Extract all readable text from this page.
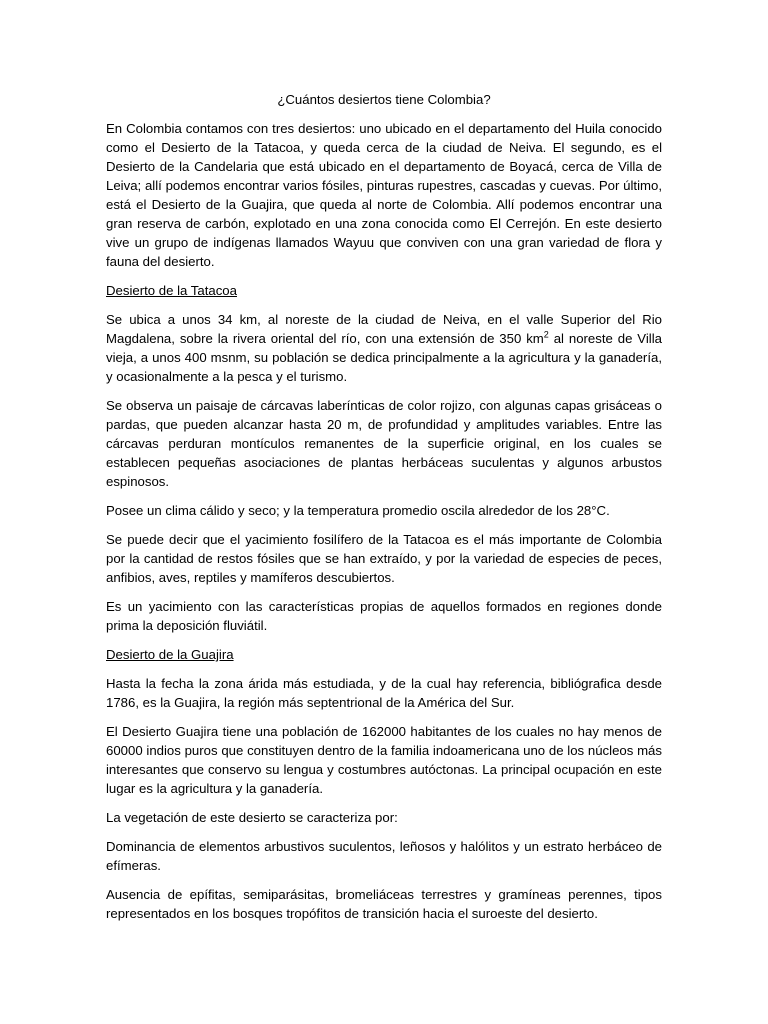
¿Cuántos desiertos tiene Colombia?

En Colombia contamos con tres desiertos: uno ubicado en el departamento del Huila conocido como el Desierto de la Tatacoa, y queda cerca de la ciudad de Neiva. El segundo, es el Desierto de la Candelaria que está ubicado en el departamento de Boyacá, cerca de Villa de Leiva; allí podemos encontrar varios fósiles, pinturas rupestres, cascadas y cuevas. Por último, está el Desierto de la Guajira, que queda al norte de Colombia. Allí podemos encontrar una gran reserva de carbón, explotado en una zona conocida como El Cerrejón. En este desierto vive un grupo de indígenas llamados Wayuu que conviven con una gran variedad de flora y fauna del desierto.

Desierto de la Tatacoa

Se ubica a unos 34 km, al noreste de la ciudad de Neiva, en el valle Superior del Rio Magdalena, sobre la rivera oriental del río, con una extensión de 350 $km^2$ al noreste de Villa vieja, a unos 400 msnm, su población se dedica principalmente a la agricultura y la ganadería, y ocasionalmente a la pesca y el turismo.

Se observa un paisaje de cárcavas laberínticas de color rojizo, con algunas capas grisáceas o pardas, que pueden alcanzar hasta 20 m, de profundidad y amplitudes variables. Entre las cárcavas perduran montículos remanentes de la superficie original, en los cuales se establecen pequeñas asociaciones de plantas herbáceas suculentas y algunos arbustos espinosos.

Posee un clima cálido y seco; y la temperatura promedio oscila alrededor de los 28°C.

Se puede decir que el yacimiento fosilífero de la Tatacoa es el más importante de Colombia por la cantidad de restos fósiles que se han extraído, y por la variedad de especies de peces, anfibios, aves, reptiles y mamíferos descubiertos.

Es un yacimiento con las características propias de aquellos formados en regiones donde prima la deposición fluviátil.

Desierto de la Guajira

Hasta la fecha la zona árida más estudiada, y de la cual hay referencia, bibliógrafica desde 1786, es la Guajira, la región más septentrional de la América del Sur.

El Desierto Guajira tiene una población de 162000 habitantes de los cuales no hay menos de 60000 indios puros que constituyen dentro de la familia indoamericana uno de los núcleos más interesantes que conservo su lengua y costumbres autóctonas. La principal ocupación en este lugar es la agricultura y la ganadería.

La vegetación de este desierto se caracteriza por:

Dominancia de elementos arbustivos suculentos, leñosos y halólitos y un estrato herbáceo de efímeras.

Ausencia de epífitas, semiparásitas, bromeliáceas terrestres y gramíneas perennes, tipos representados en los bosques tropófitos de transición hacia el suroeste del desierto.
